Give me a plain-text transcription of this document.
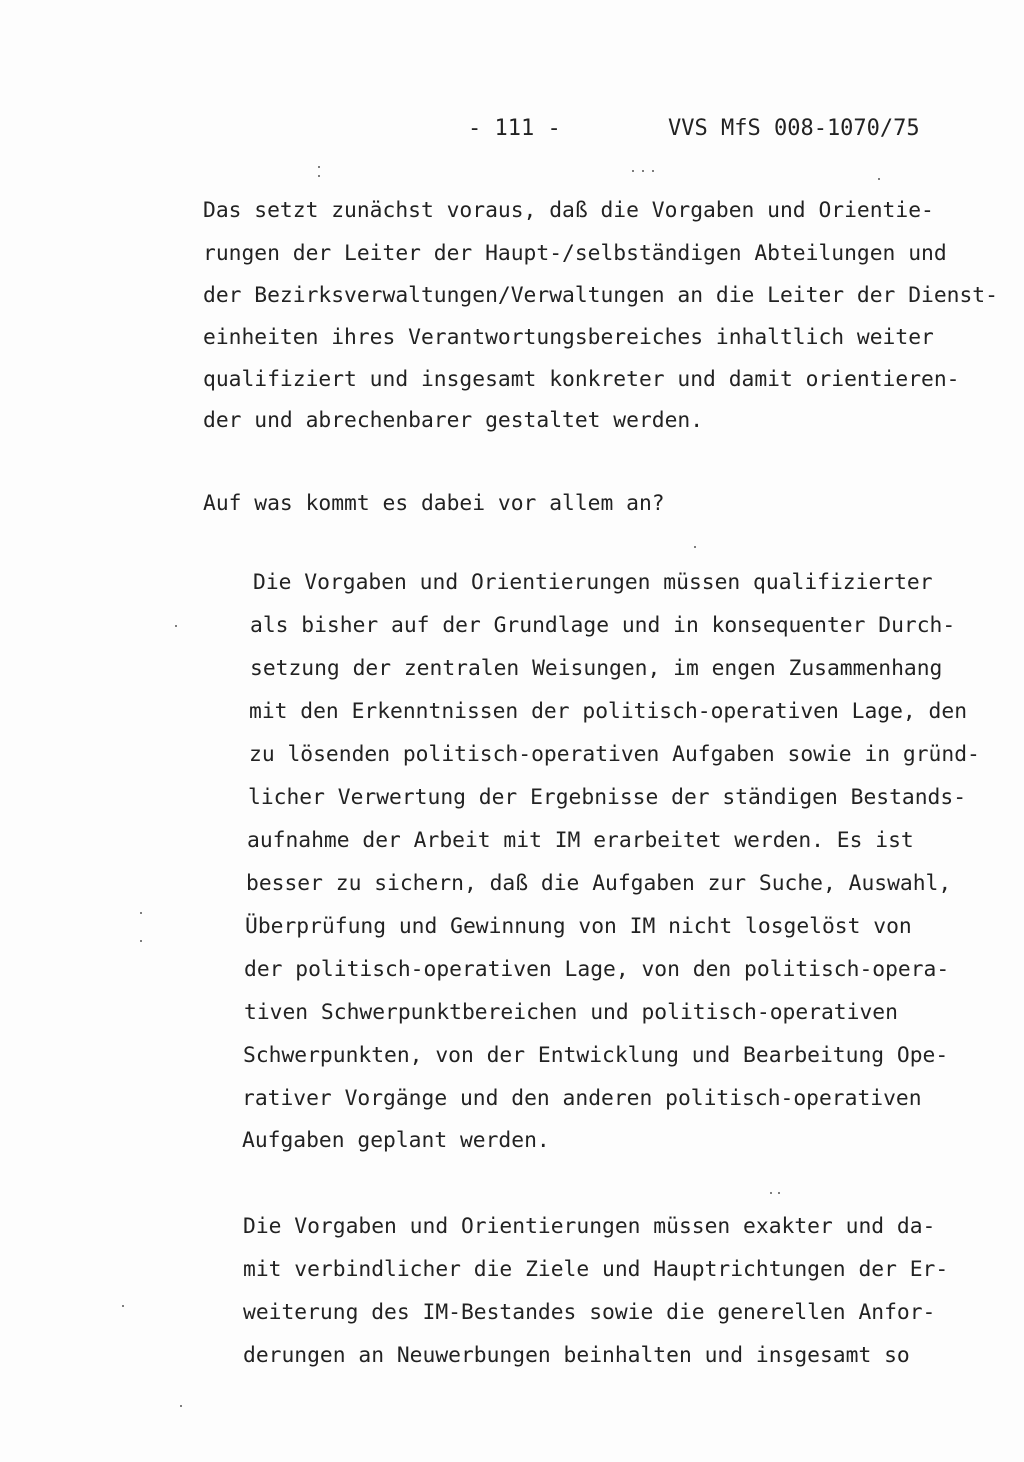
- 111 -	VVS MfS 008-1070/75
Das setzt zunächst voraus, daß die Vorgaben und Orientie-
rungen der Leiter der Haupt-/selbständigen Abteilungen und
der Bezirksverwaltungen/Verwaltungen an die Leiter der Dienst-
einheiten ihres Verantwortungsbereiches inhaltlich weiter
qualifiziert und insgesamt konkreter und damit orientieren-
der und abrechenbarer gestaltet werden.
Auf was kommt es dabei vor allem an?
Die Vorgaben und Orientierungen müssen qualifizierter
als bisher auf der Grundlage und in konsequenter Durch-
setzung der zentralen Weisungen, im engen Zusammenhang
mit den Erkenntnissen der politisch-operativen Lage, den
zu lösenden politisch-operativen Aufgaben sowie in gründ-
licher Verwertung der Ergebnisse der ständigen Bestands-
aufnahme der Arbeit mit IM erarbeitet werden. Es ist
besser zu sichern, daß die Aufgaben zur Suche, Auswahl,
Überprüfung und Gewinnung von IM nicht losgelöst von
der politisch-operativen Lage, von den politisch-opera-
tiven Schwerpunktbereichen und politisch-operativen
Schwerpunkten, von der Entwicklung und Bearbeitung Ope-
rativer Vorgänge und den anderen politisch-operativen
Aufgaben geplant werden.
Die Vorgaben und Orientierungen müssen exakter und da-
mit verbindlicher die Ziele und Hauptrichtungen der Er-
weiterung des IM-Bestandes sowie die generellen Anfor-
derungen an Neuwerbungen beinhalten und insgesamt so
